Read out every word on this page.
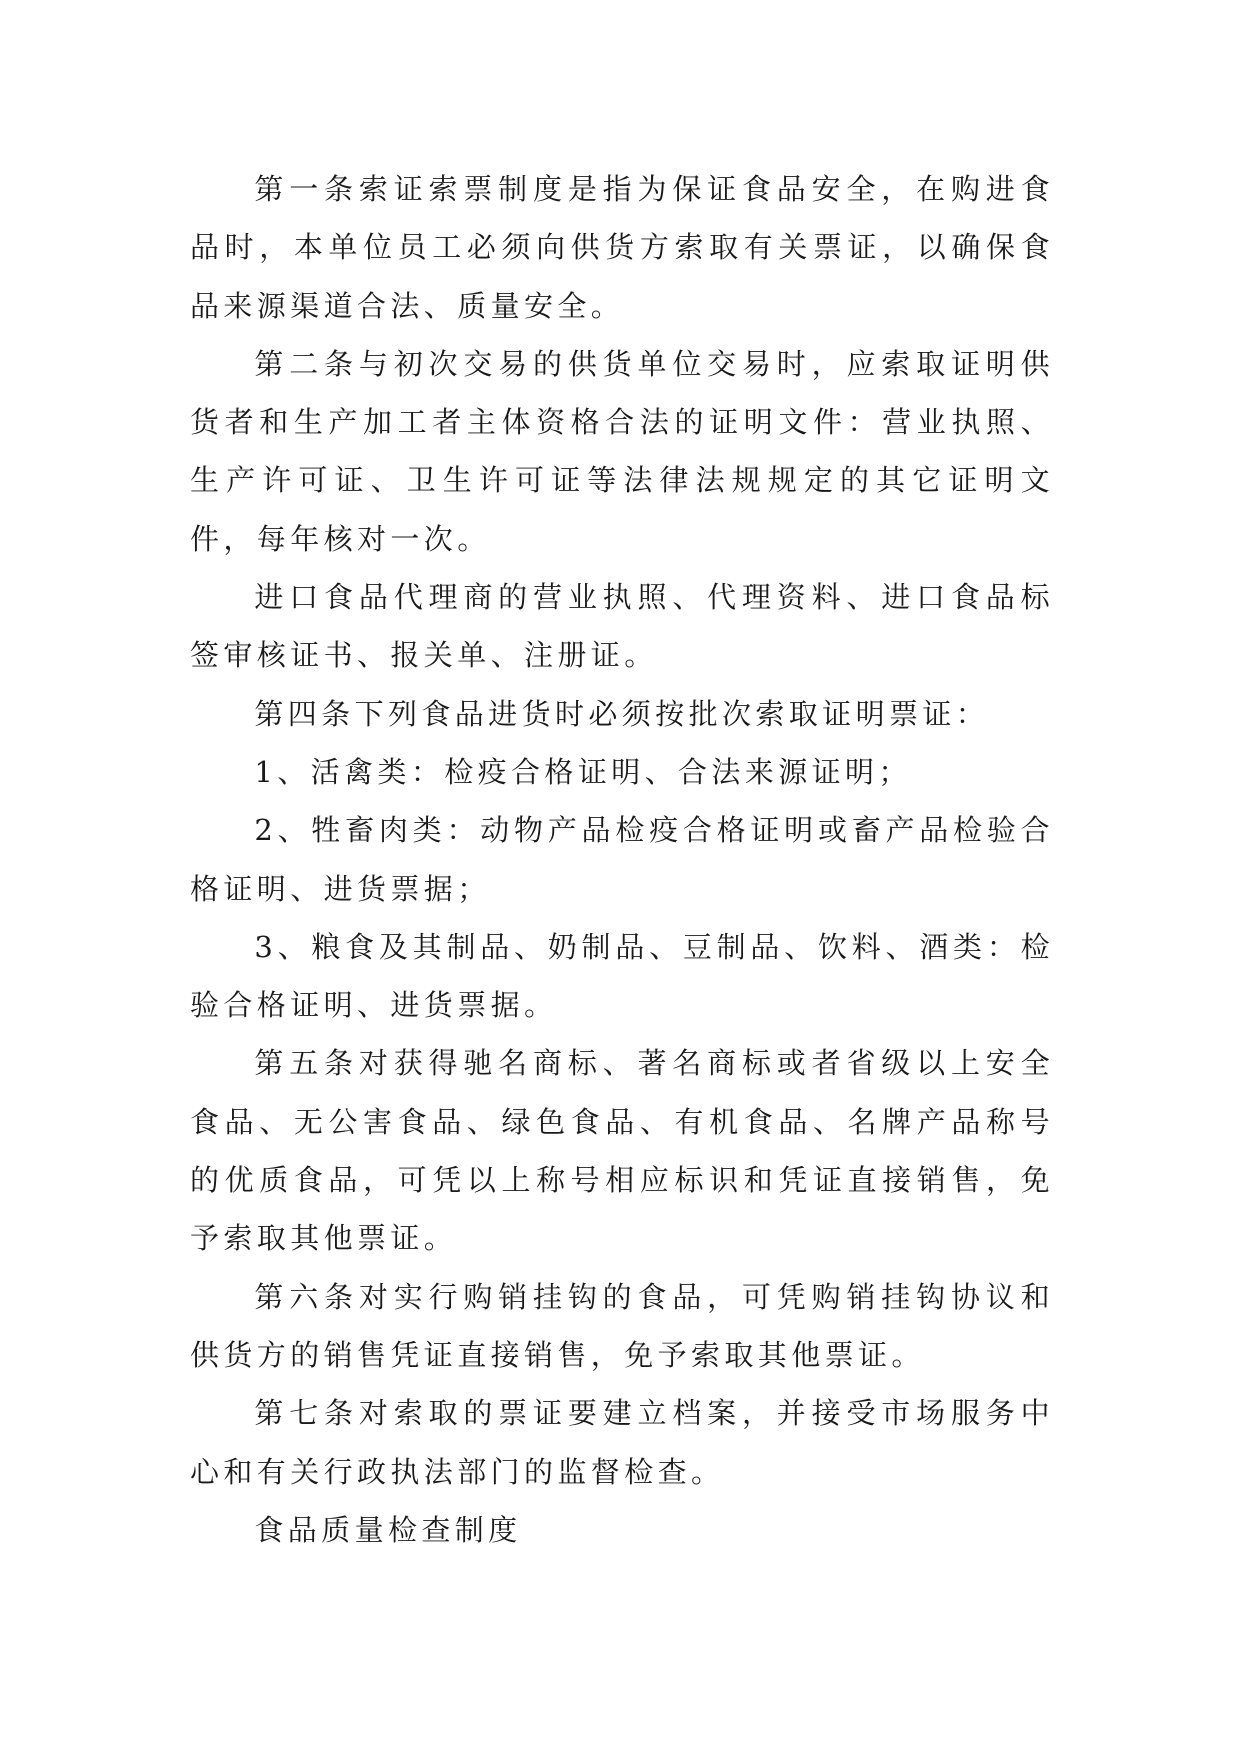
第一条索证索票制度是指为保证食品安全，在购进食品时，本单位员工必须向供货方索取有关票证，以确保食品来源渠道合法、质量安全。

第二条与初次交易的供货单位交易时，应索取证明供货者和生产加工者主体资格合法的证明文件：营业执照、生产许可证、卫生许可证等法律法规规定的其它证明文件，每年核对一次。

进口食品代理商的营业执照、代理资料、进口食品标签审核证书、报关单、注册证。

第四条下列食品进货时必须按批次索取证明票证：

1、活禽类：检疫合格证明、合法来源证明；

2、牲畜肉类：动物产品检疫合格证明或畜产品检验合格证明、进货票据；

3、粮食及其制品、奶制品、豆制品、饮料、酒类：检验合格证明、进货票据。

第五条对获得驰名商标、著名商标或者省级以上安全食品、无公害食品、绿色食品、有机食品、名牌产品称号的优质食品，可凭以上称号相应标识和凭证直接销售，免予索取其他票证。

第六条对实行购销挂钩的食品，可凭购销挂钩协议和供货方的销售凭证直接销售，免予索取其他票证。

第七条对索取的票证要建立档案，并接受市场服务中心和有关行政执法部门的监督检查。

食品质量检查制度
